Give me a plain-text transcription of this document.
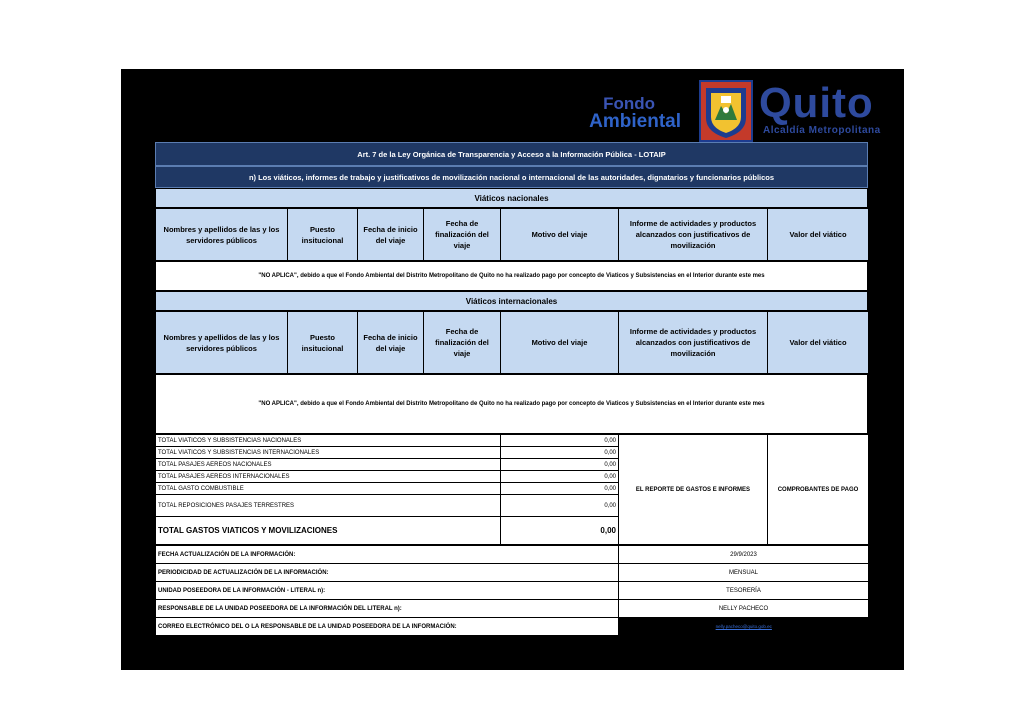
Fondo
Ambiental Quito
Alcaldía Metropolitana
Art. 7 de la Ley Orgánica de Transparencia y Acceso a la Información Pública - LOTAIP
n) Los viáticos, informes de trabajo y justificativos de movilización nacional o internacional de las autoridades, dignatarios y funcionarios públicos
Viáticos nacionales
Nombres y apellidos de las y los servidores públicos	Puesto insitucional	Fecha de inicio del viaje	Fecha de finalización del viaje	Motivo del viaje	Informe de actividades y productos alcanzados con justificativos de movilización	Valor del viático
"NO APLICA", debido a que el Fondo Ambiental del Distrito Metropolitano de Quito no ha realizado pago por concepto de Viaticos y Subsistencias en el Interior durante este mes
Viáticos internacionales
Nombres y apellidos de las y los servidores públicos	Puesto insitucional	Fecha de inicio del viaje	Fecha de finalización del viaje	Motivo del viaje	Informe de actividades y productos alcanzados con justificativos de movilización	Valor del viático
"NO APLICA", debido a que el Fondo Ambiental del Distrito Metropolitano de Quito no ha realizado pago por concepto de Viaticos y Subsistencias en el Interior durante este mes
TOTAL VIATICOS Y SUBSISTENCIAS NACIONALES	0,00	EL REPORTE DE GASTOS E INFORMES	COMPROBANTES DE PAGO
TOTAL VIATICOS Y SUBSISTENCIAS INTERNACIONALES	0,00		
TOTAL PASAJES AEREOS NACIONALES	0,00		
TOTAL PASAJES AEREOS INTERNACIONALES	0,00		
TOTAL GASTO COMBUSTIBLE	0,00		
TOTAL REPOSICIONES PASAJES TERRESTRES	0,00		
TOTAL GASTOS VIATICOS Y MOVILIZACIONES	0,00		
FECHA ACTUALIZACIÓN DE LA INFORMACIÓN:	29/9/2023
PERIODICIDAD DE ACTUALIZACIÓN DE LA INFORMACIÓN:	MENSUAL
UNIDAD POSEEDORA DE LA INFORMACIÓN - LITERAL n):	TESORERÍA
RESPONSABLE DE LA UNIDAD POSEEDORA DE LA INFORMACIÓN DEL LITERAL n):	NELLY PACHECO
CORREO ELECTRÓNICO DEL O LA RESPONSABLE DE LA UNIDAD POSEEDORA DE LA INFORMACIÓN:	nelly.pacheco@quito.gob.ec
